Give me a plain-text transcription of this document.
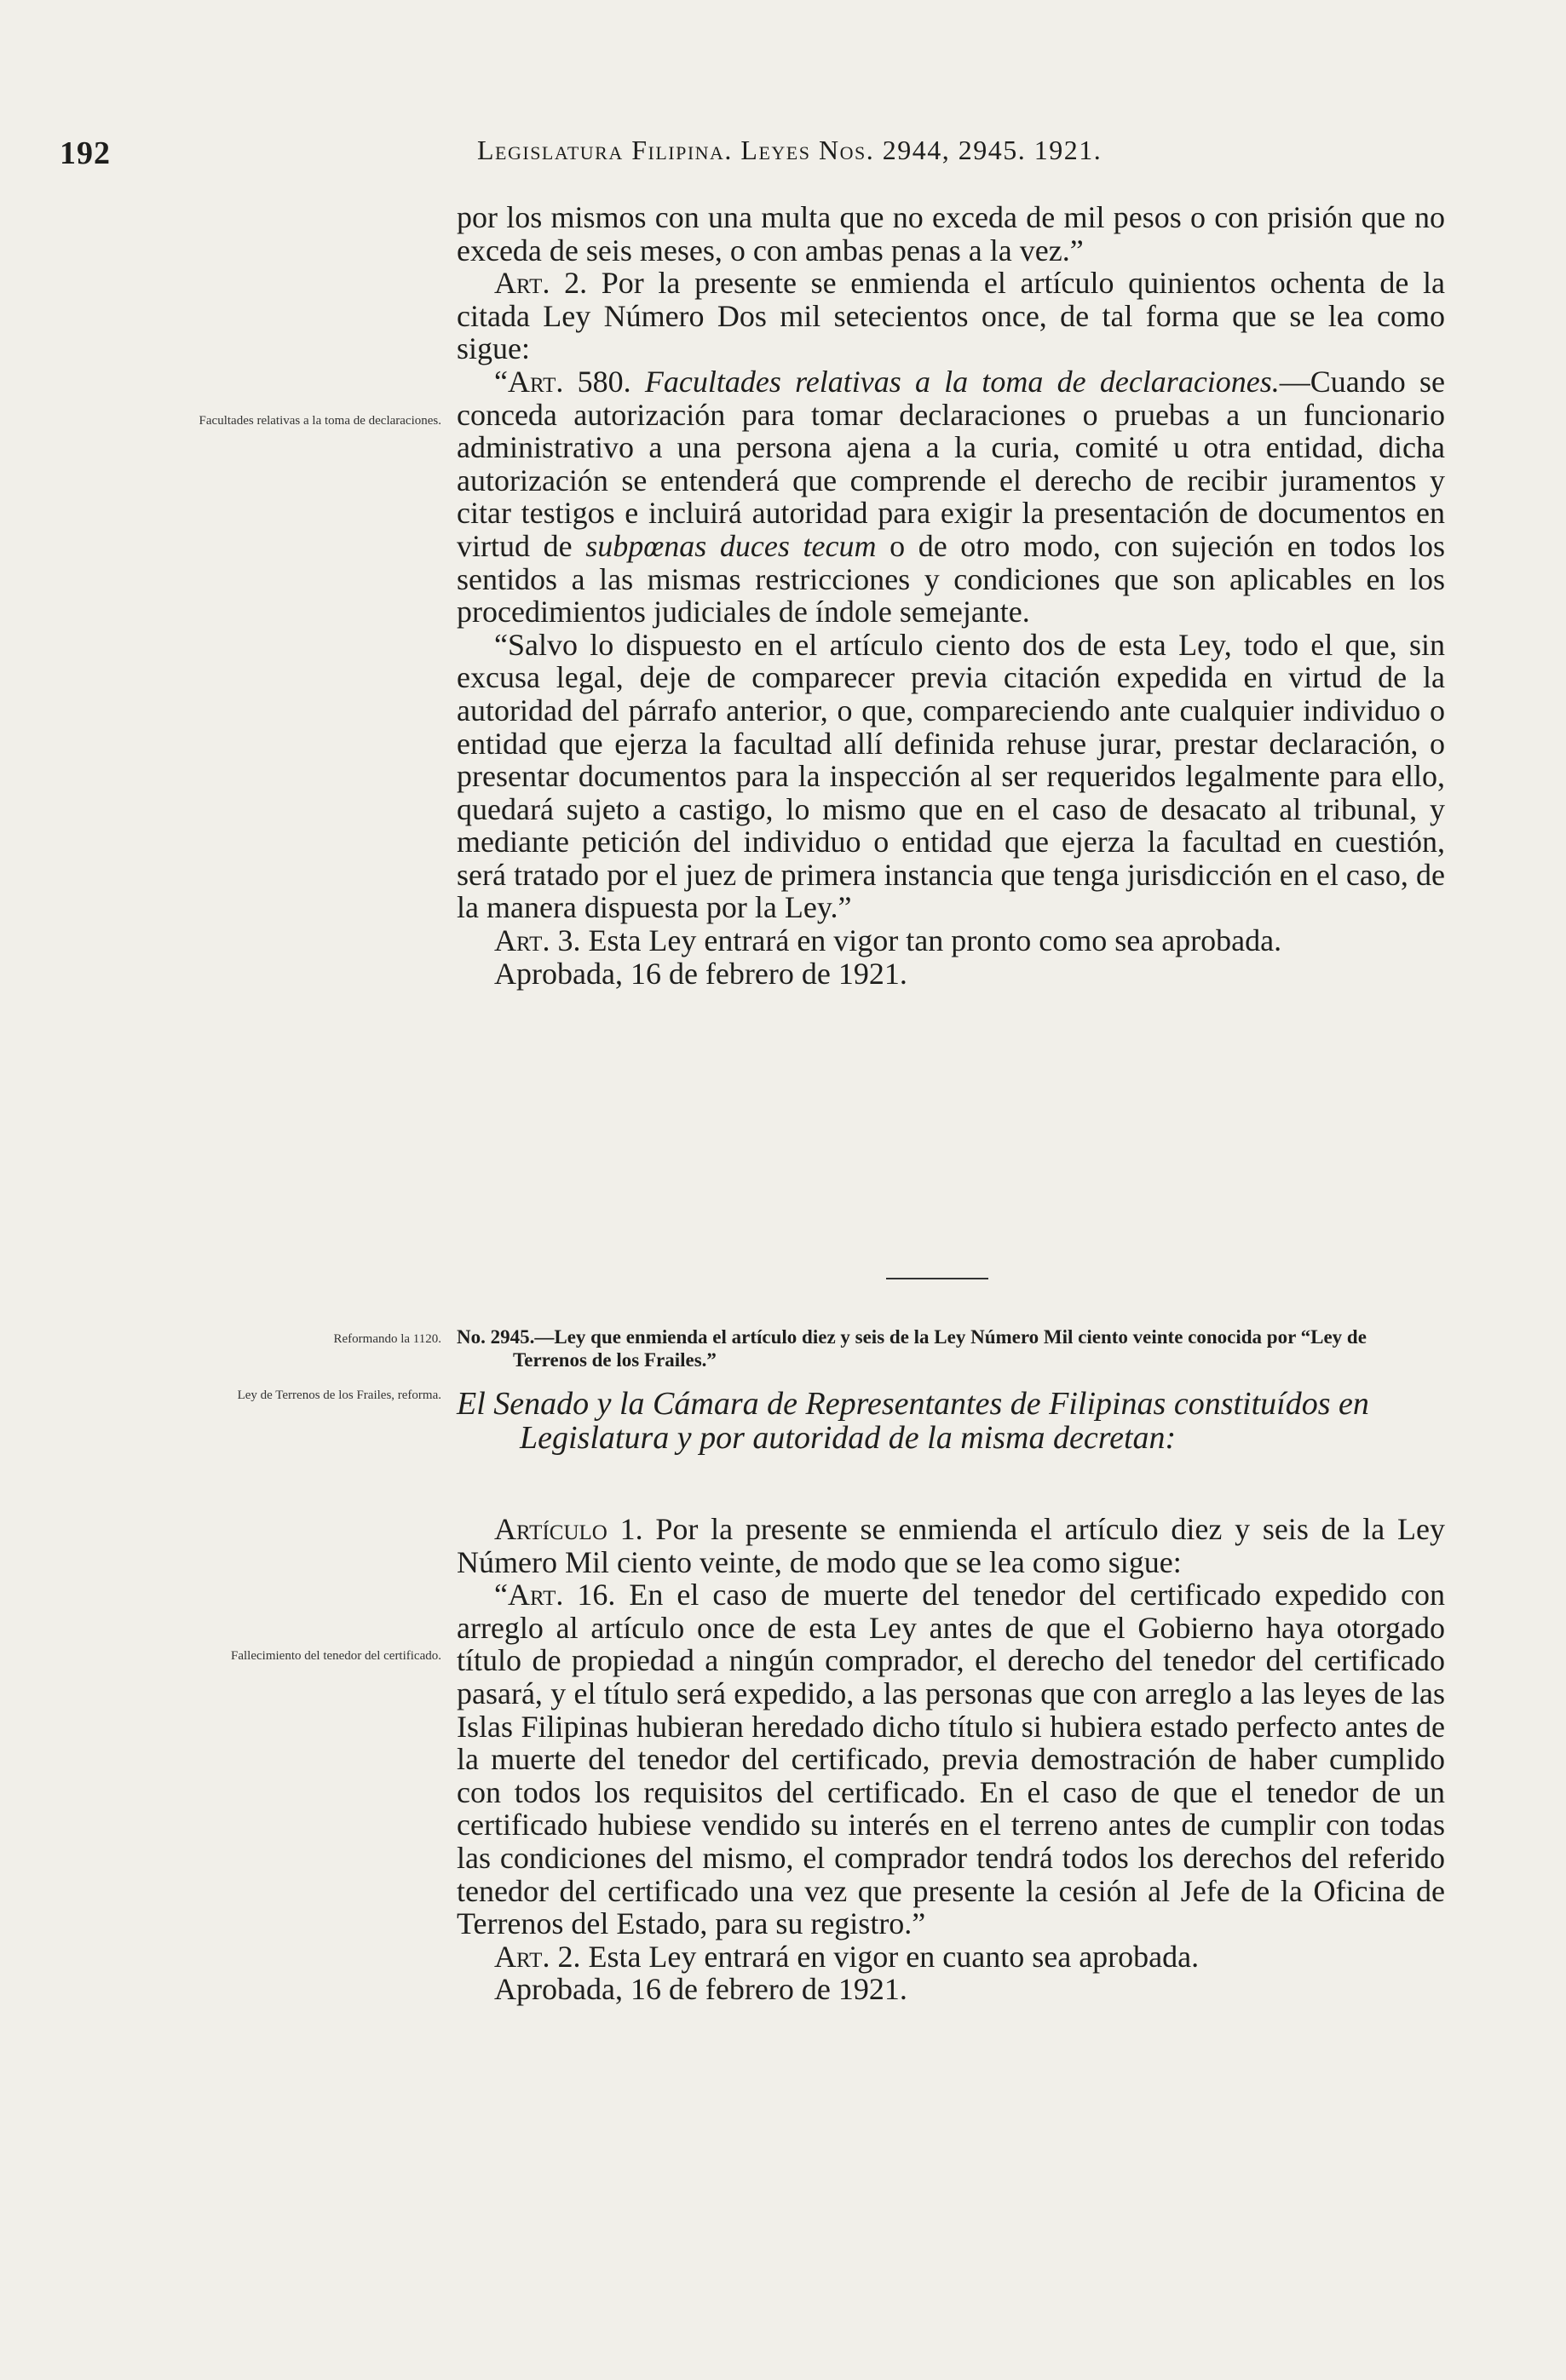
192	Legislatura Filipina. Leyes Nos. 2944, 2945. 1921.

por los mismos con una multa que no exceda de mil pesos o con prisión que no exceda de seis meses, o con ambas penas a la vez.”

Art. 2. Por la presente se enmienda el artículo quinientos ochenta de la citada Ley Número Dos mil setecientos once, de tal forma que se lea como sigue:

“Art. 580. Facultades relativas a la toma de declaraciones.—Cuando se conceda autorización para tomar declaraciones o pruebas a un funcionario administrativo a una persona ajena a la curia, comité u otra entidad, dicha autorización se entenderá que comprende el derecho de recibir juramentos y citar testigos e incluirá autoridad para exigir la presentación de documentos en virtud de subpœnas duces tecum o de otro modo, con sujeción en todos los sentidos a las mismas restricciones y condiciones que son aplicables en los procedimientos judiciales de índole semejante.

“Salvo lo dispuesto en el artículo ciento dos de esta Ley, todo el que, sin excusa legal, deje de comparecer previa citación expedida en virtud de la autoridad del párrafo anterior, o que, compareciendo ante cualquier individuo o entidad que ejerza la facultad allí definida rehuse jurar, prestar declaración, o presentar documentos para la inspección al ser requeridos legalmente para ello, quedará sujeto a castigo, lo mismo que en el caso de desacato al tribunal, y mediante petición del individuo o entidad que ejerza la facultad en cuestión, será tratado por el juez de primera instancia que tenga jurisdicción en el caso, de la manera dispuesta por la Ley.”

Art. 3. Esta Ley entrará en vigor tan pronto como sea aprobada.

Aprobada, 16 de febrero de 1921.

Facultades relativas a la toma de declaraciones.
Reformando la 1120.
Ley de Terrenos de los Frailes, reforma.
Fallecimiento del tenedor del certificado.
No. 2945.—Ley que enmienda el artículo diez y seis de la Ley Número Mil ciento veinte conocida por “Ley de Terrenos de los Frailes.”
El Senado y la Cámara de Representantes de Filipinas constituídos en Legislatura y por autoridad de la misma decretan:

Artículo 1. Por la presente se enmienda el artículo diez y seis de la Ley Número Mil ciento veinte, de modo que se lea como sigue:

“Art. 16. En el caso de muerte del tenedor del certificado expedido con arreglo al artículo once de esta Ley antes de que el Gobierno haya otorgado título de propiedad a ningún comprador, el derecho del tenedor del certificado pasará, y el título será expedido, a las personas que con arreglo a las leyes de las Islas Filipinas hubieran heredado dicho título si hubiera estado perfecto antes de la muerte del tenedor del certificado, previa demostración de haber cumplido con todos los requisitos del certificado. En el caso de que el tenedor de un certificado hubiese vendido su interés en el terreno antes de cumplir con todas las condiciones del mismo, el comprador tendrá todos los derechos del referido tenedor del certificado una vez que presente la cesión al Jefe de la Oficina de Terrenos del Estado, para su registro.”

Art. 2. Esta Ley entrará en vigor en cuanto sea aprobada.

Aprobada, 16 de febrero de 1921.
